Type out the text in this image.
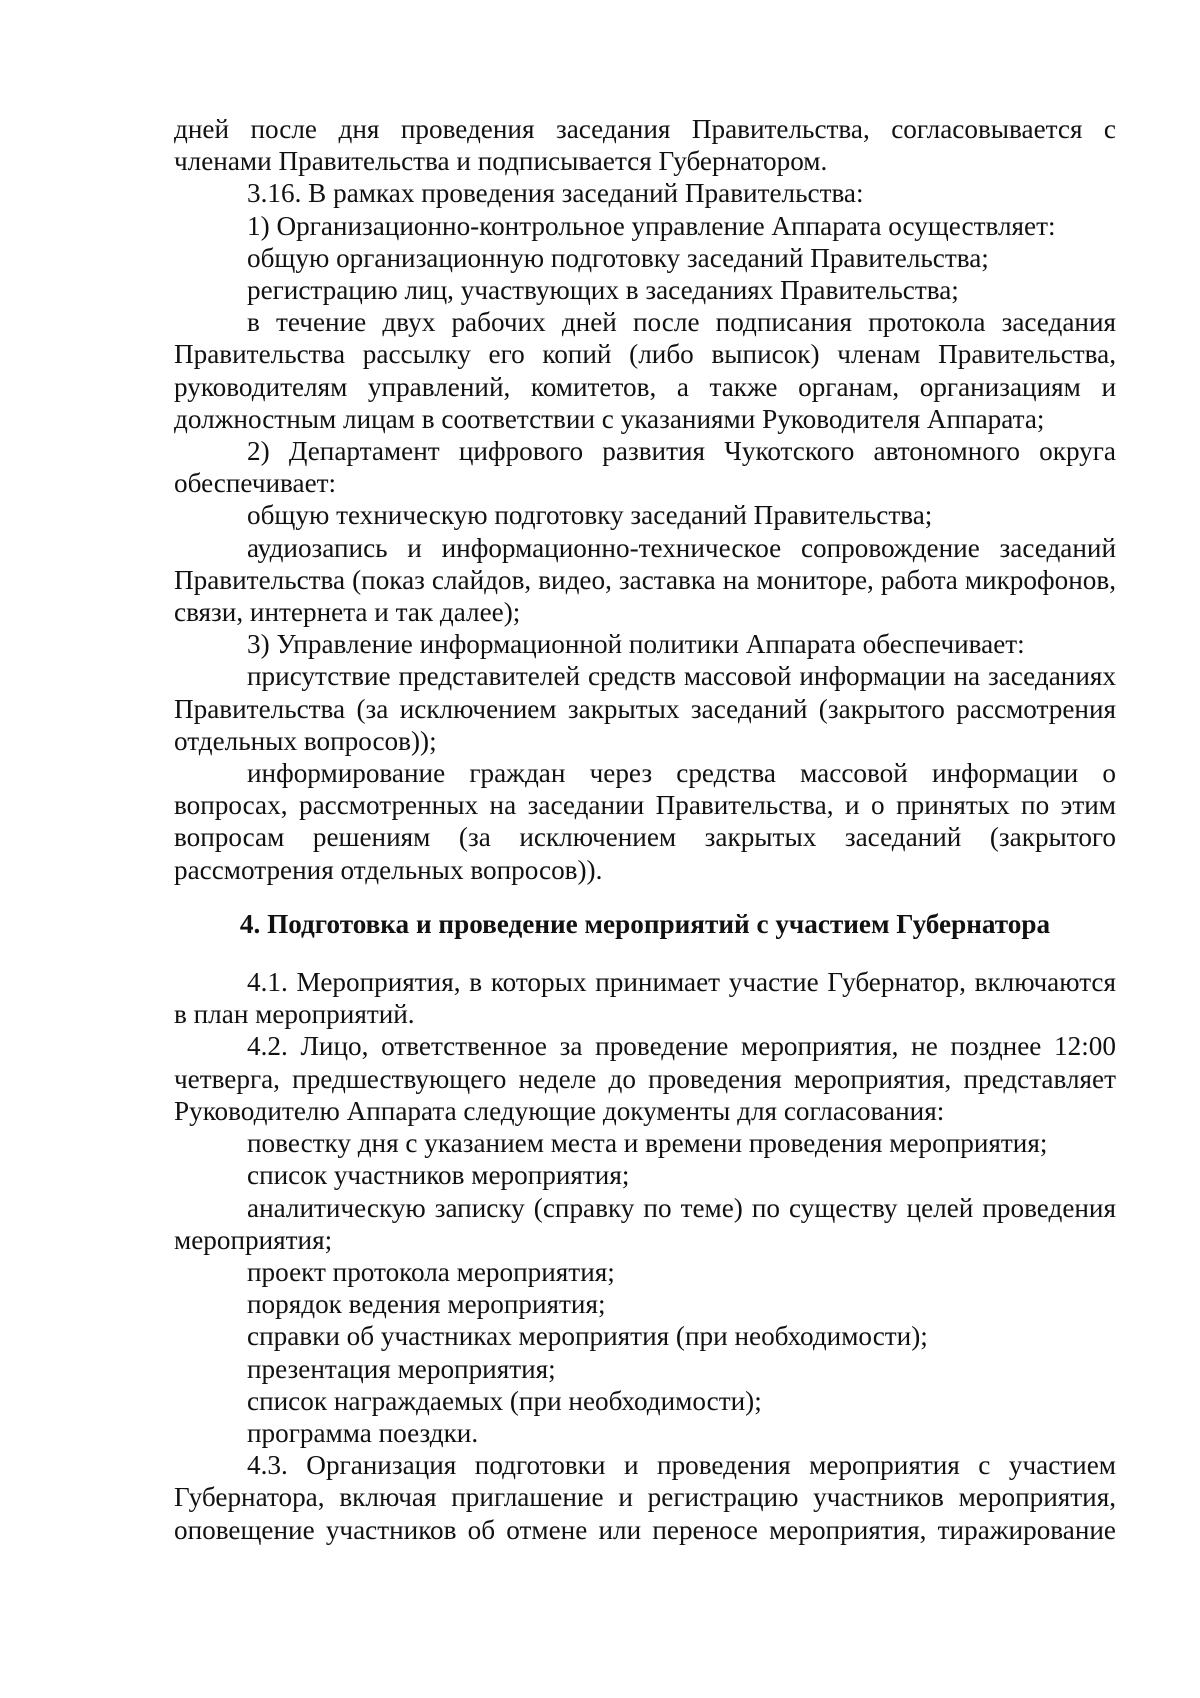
дней после дня проведения заседания Правительства, согласовывается с членами Правительства и подписывается Губернатором.

3.16. В рамках проведения заседаний Правительства:

1) Организационно-контрольное управление Аппарата осуществляет:

общую организационную подготовку заседаний Правительства;

регистрацию лиц, участвующих в заседаниях Правительства;

в течение двух рабочих дней после подписания протокола заседания Правительства рассылку его копий (либо выписок) членам Правительства, руководителям управлений, комитетов, а также органам, организациям и должностным лицам в соответствии с указаниями Руководителя Аппарата;

2) Департамент цифрового развития Чукотского автономного округа обеспечивает:

общую техническую подготовку заседаний Правительства;

аудиозапись и информационно-техническое сопровождение заседаний Правительства (показ слайдов, видео, заставка на мониторе, работа микрофонов, связи, интернета и так далее);

3) Управление информационной политики Аппарата обеспечивает:

присутствие представителей средств массовой информации на заседаниях Правительства (за исключением закрытых заседаний (закрытого рассмотрения отдельных вопросов));

информирование граждан через средства массовой информации о вопросах, рассмотренных на заседании Правительства, и о принятых по этим вопросам решениям (за исключением закрытых заседаний (закрытого рассмотрения отдельных вопросов)).

4. Подготовка и проведение мероприятий с участием Губернатора

4.1. Мероприятия, в которых принимает участие Губернатор, включаются в план мероприятий.

4.2. Лицо, ответственное за проведение мероприятия, не позднее 12:00 четверга, предшествующего неделе до проведения мероприятия, представляет Руководителю Аппарата следующие документы для согласования:

повестку дня с указанием места и времени проведения мероприятия;

список участников мероприятия;

аналитическую записку (справку по теме) по существу целей проведения мероприятия;

проект протокола мероприятия;

порядок ведения мероприятия;

справки об участниках мероприятия (при необходимости);

презентация мероприятия;

список награждаемых (при необходимости);

программа поездки.

4.3. Организация подготовки и проведения мероприятия с участием Губернатора, включая приглашение и регистрацию участников мероприятия, оповещение участников об отмене или переносе мероприятия, тиражирование
